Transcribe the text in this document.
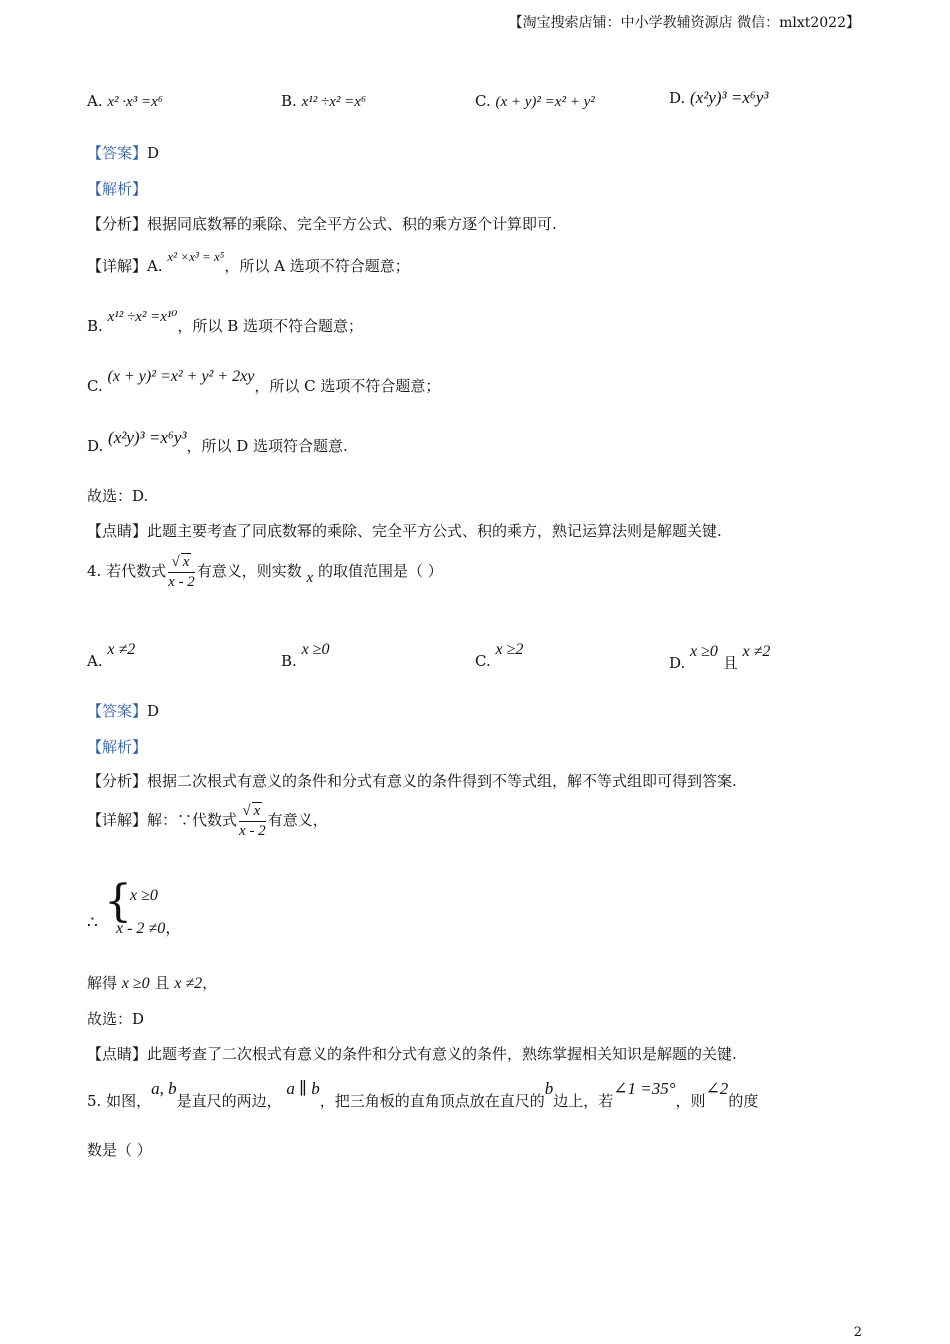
【淘宝搜索店铺：中小学教辅资源店 微信：mlxt2022】
A. x² ·x³ =x⁶	B. x¹² ÷x² =x⁶	C. (x + y)² =x² + y²	D. (x²y)³ =x⁶y³
【答案】D
【解析】
【分析】根据同底数幂的乘除、完全平方公式、积的乘方逐个计算即可.
【详解】A. x² ×x³ = x⁵，所以 A 选项不符合题意；
B. x¹² ÷x² =x¹⁰，所以 B 选项不符合题意；
C. (x + y)² =x² + y² + 2xy，所以 C 选项不符合题意；
D. (x²y)³ =x⁶y³，所以 D 选项符合题意.
故选：D.
【点睛】此题主要考查了同底数幂的乘除、完全平方公式、积的乘方，熟记运算法则是解题关键.
4. 若代数式 $\frac{√ x}{x - 2}$ 有意义，则实数 x 的取值范围是（ ）
A. x ≠2
B. x ≥0
C. x ≥2
D. x ≥0 且 x ≠2
【答案】D
【解析】
【分析】根据二次根式有意义的条件和分式有意义的条件得到不等式组，解不等式组即可得到答案.
【详解】解：∵代数式 $\frac{√ x}{x - 2}$ 有意义，
∴ {
x ≥0
x - 2 ≠0，
解得 x ≥0 且 x ≠2，
故选：D
【点睛】此题考查了二次根式有意义的条件和分式有意义的条件，熟练掌握相关知识是解题的关键.
5. 如图，a, b是直尺的两边， a ∥ b，把三角板的直角顶点放在直尺的b边上，若∠1 =35°，则∠2的度
数是（ ）
2
